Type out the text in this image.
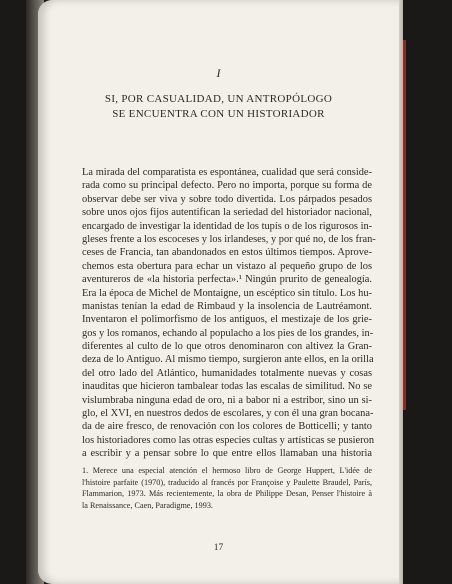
I
SI, POR CASUALIDAD, UN ANTROPÓLOGO
SE ENCUENTRA CON UN HISTORIADOR
La mirada del comparatista es espontánea, cualidad que será conside-
rada como su principal defecto. Pero no importa, porque su forma de
observar debe ser viva y sobre todo divertida. Los párpados pesados
sobre unos ojos fijos autentifican la seriedad del historiador nacional,
encargado de investigar la identidad de los tupís o de los rigurosos in-
gleses frente a los escoceses y los irlandeses, y por qué no, de los fran-
ceses de Francia, tan abandonados en estos últimos tiempos. Aprove-
chemos esta obertura para echar un vistazo al pequeño grupo de los
aventureros de «la historia perfecta».¹ Ningún prurito de genealogía.
Era la época de Michel de Montaigne, un escéptico sin título. Los hu-
manistas tenían la edad de Rimbaud y la insolencia de Lautréamont.
Inventaron el polimorfismo de los antiguos, el mestizaje de los grie-
gos y los romanos, echando al populacho a los pies de los grandes, in-
diferentes al culto de lo que otros denominaron con altivez la Gran-
deza de lo Antiguo. Al mismo tiempo, surgieron ante ellos, en la orilla
del otro lado del Atlántico, humanidades totalmente nuevas y cosas
inauditas que hicieron tambalear todas las escalas de similitud. No se
vislumbraba ninguna edad de oro, ni a babor ni a estribor, sino un si-
glo, el XVI, en nuestros dedos de escolares, y con él una gran bocana-
da de aire fresco, de renovación con los colores de Botticelli; y tanto
los historiadores como las otras especies cultas y artísticas se pusieron
a escribir y a pensar sobre lo que entre ellos llamaban una historia
1. Merece una especial atención el hermoso libro de George Huppert, L'idée de
l'histoire parfaite (1970), traducido al francés por Françoise y Paulette Braudel, París,
Flammarion, 1973. Más recientemente, la obra de Philippe Desan, Penser l'histoire à
la Renaissance, Caen, Paradigme, 1993.
17
